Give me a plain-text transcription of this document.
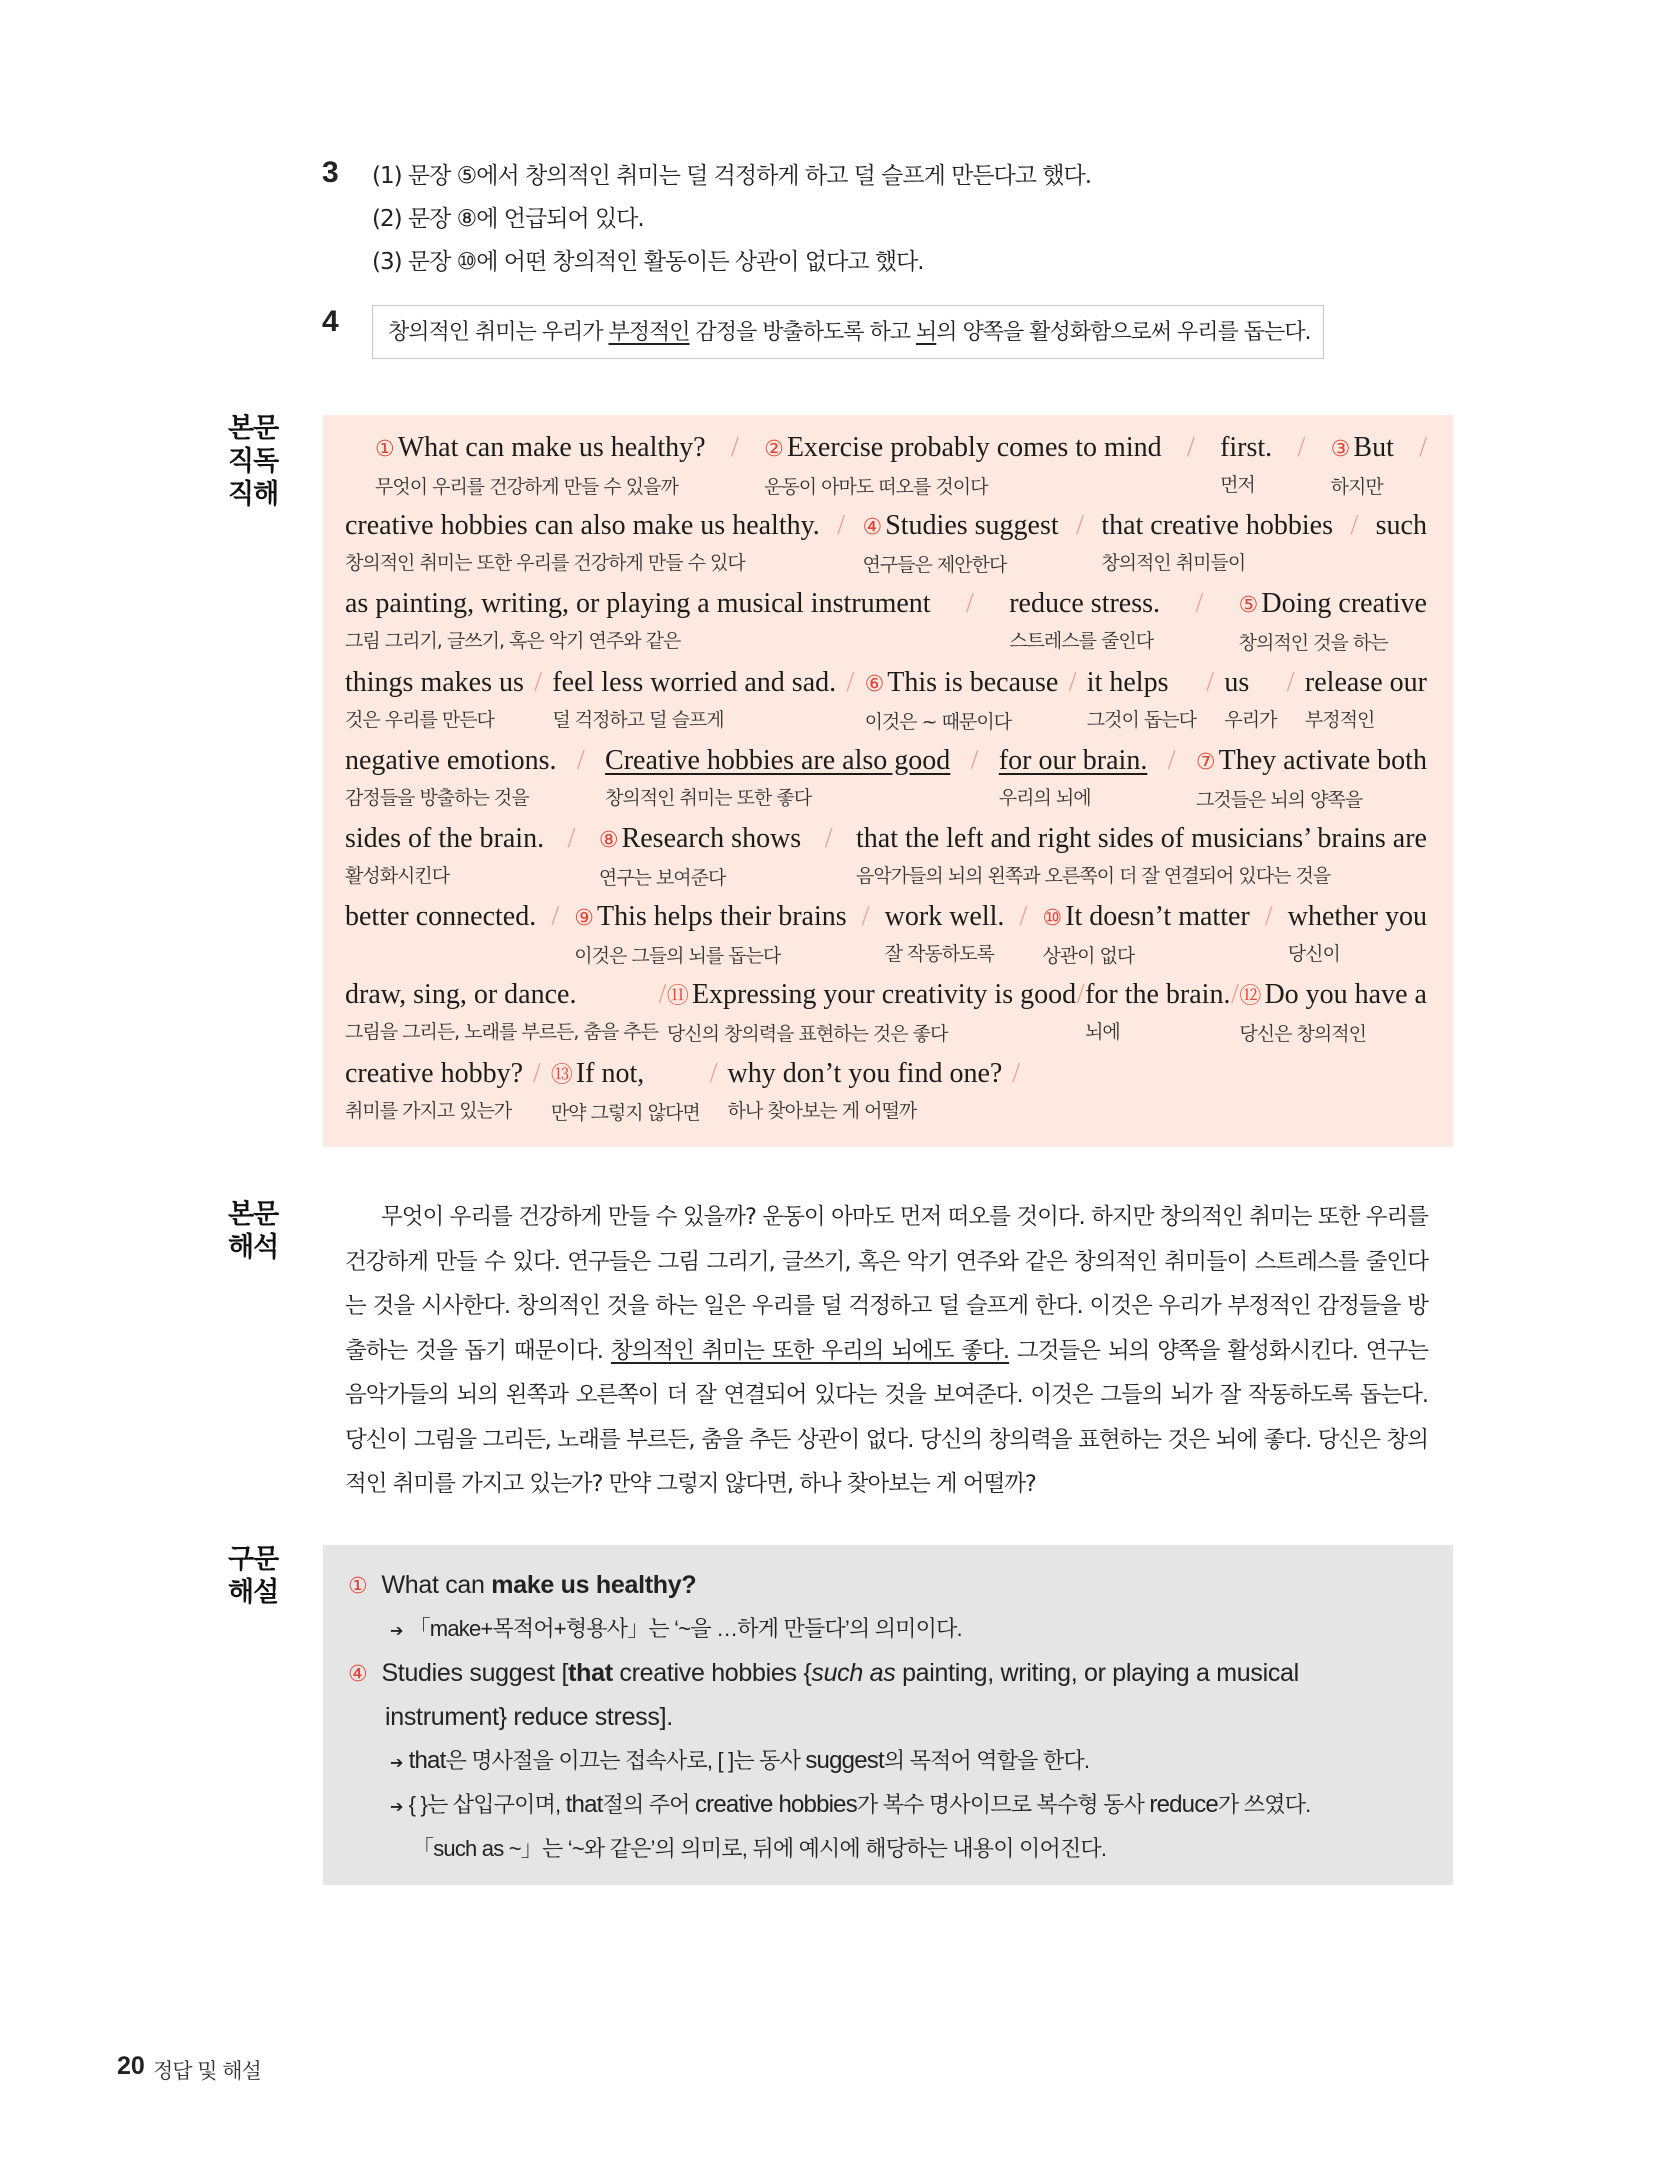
3 (1) 문장 ⑤에서 창의적인 취미는 덜 걱정하게 하고 덜 슬프게 만든다고 했다.
(2) 문장 ⑧에 언급되어 있다.
(3) 문장 ⑩에 어떤 창의적인 활동이든 상관이 없다고 했다.
4	창의적인 취미는 우리가 부정적인 감정을 방출하도록 하고 뇌의 양쪽을 활성화함으로써 우리를 돕는다.
본문
직독
직해
① What can make us healthy?
무엇이 우리를 건강하게 만들 수 있을까
/ ② Exercise probably comes to mind
운동이 아마도 떠오를 것이다
/ first.
먼저
/ ③ But
하지만
/
creative hobbies can also make us healthy.
창의적인 취미는 또한 우리를 건강하게 만들 수 있다
/ ④ Studies suggest
연구들은 제안한다
/ that creative hobbies
창의적인 취미들이
/ such
as painting, writing, or playing a musical instrument
그림 그리기, 글쓰기, 혹은 악기 연주와 같은
/ reduce stress.
스트레스를 줄인다
/ ⑤ Doing creative
창의적인 것을 하는
things makes us
것은 우리를 만든다
/ feel less worried and sad.
덜 걱정하고 덜 슬프게
/ ⑥ This is because
이것은 ~ 때문이다
/ it helps
그것이 돕는다
/ us
우리가
/ release our
부정적인
negative emotions.
감정들을 방출하는 것을
/ Creative hobbies are also good
창의적인 취미는 또한 좋다
/ for our brain.
우리의 뇌에
/ ⑦ They activate both
그것들은 뇌의 양쪽을
sides of the brain.
활성화시킨다
/ ⑧ Research shows
연구는 보여준다
/ that the left and right sides of musicians’ brains are
음악가들의 뇌의 왼쪽과 오른쪽이 더 잘 연결되어 있다는 것을
better connected. / ⑨ This helps their brains
이것은 그들의 뇌를 돕는다
/ work well.
잘 작동하도록
/ ⑩ It doesn’t matter
상관이 없다
/ whether you
당신이
draw, sing, or dance.
그림을 그리든, 노래를 부르든, 춤을 추든
/ ⑪ Expressing your creativity is good
당신의 창의력을 표현하는 것은 좋다
/ for the brain.
뇌에
/ ⑫ Do you have a
당신은 창의적인
creative hobby?
취미를 가지고 있는가
/ ⑬ If not,
만약 그렇지 않다면
/ why don’t you find one?
하나 찾아보는 게 어떨까
/
본문
해석
무엇이 우리를 건강하게 만들 수 있을까? 운동이 아마도 먼저 떠오를 것이다. 하지만 창의적인 취미는 또한 우리를 건강하게 만들 수 있다. 연구들은 그림 그리기, 글쓰기, 혹은 악기 연주와 같은 창의적인 취미들이 스트레스를 줄인다는 것을 시사한다. 창의적인 것을 하는 일은 우리를 덜 걱정하고 덜 슬프게 한다. 이것은 우리가 부정적인 감정들을 방출하는 것을 돕기 때문이다. 창의적인 취미는 또한 우리의 뇌에도 좋다. 그것들은 뇌의 양쪽을 활성화시킨다. 연구는 음악가들의 뇌의 왼쪽과 오른쪽이 더 잘 연결되어 있다는 것을 보여준다. 이것은 그들의 뇌가 잘 작동하도록 돕는다. 당신이 그림을 그리든, 노래를 부르든, 춤을 추든 상관이 없다. 당신의 창의력을 표현하는 것은 뇌에 좋다. 당신은 창의적인 취미를 가지고 있는가? 만약 그렇지 않다면, 하나 찾아보는 게 어떨까?
구문
해설	① What can make us healthy?
➔ 「make+목적어+형용사」는 ‘~을 …하게 만들다’의 의미이다.
④ Studies suggest [that creative hobbies {such as painting, writing, or playing a musical
instrument} reduce stress].
➔ that은 명사절을 이끄는 접속사로, [ ]는 동사 suggest의 목적어 역할을 한다.
➔ { }는 삽입구이며, that절의 주어 creative hobbies가 복수 명사이므로 복수형 동사 reduce가 쓰였다.
「such as ~」는 ‘~와 같은’의 의미로, 뒤에 예시에 해당하는 내용이 이어진다.
20 정답 및 해설
